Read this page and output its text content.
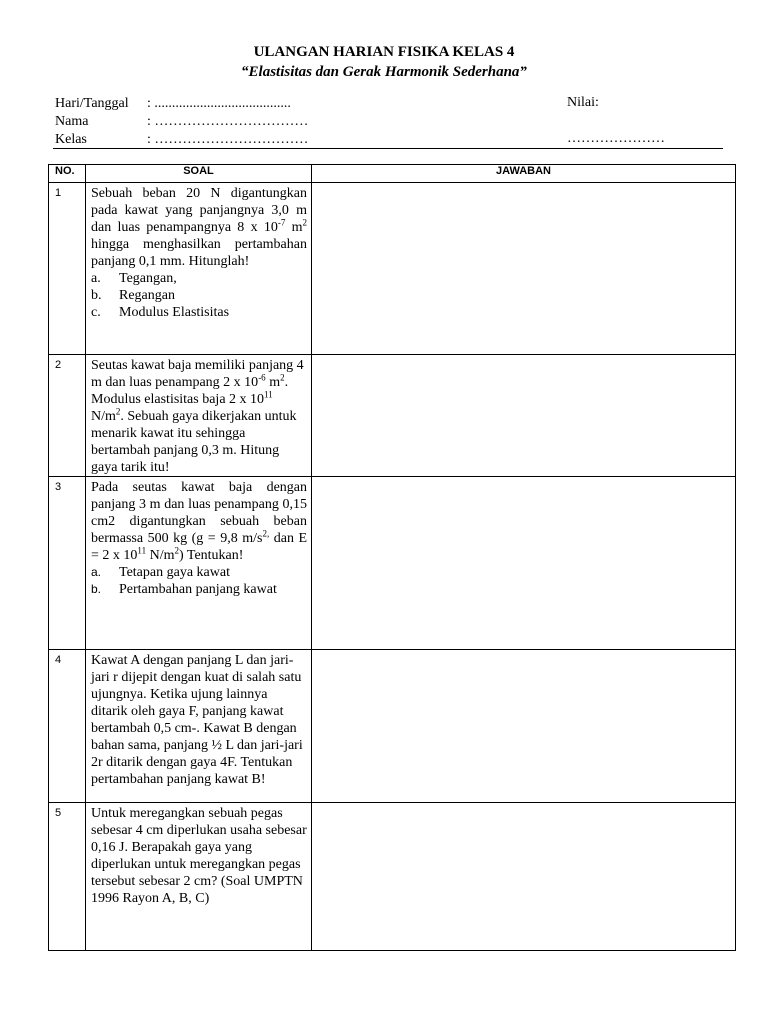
ULANGAN HARIAN FISIKA KELAS 4
“Elastisitas dan Gerak Harmonik Sederhana”
Hari/Tanggal : .......................................
Nama	: ……………………………
Kelas	: ……………………………
Nilai:
…………………
NO.	SOAL	JAWABAN
1	Sebuah beban 20 N digantungkan pada kawat yang panjangnya 3,0 m dan luas penampangnya 8 x $10^{-7}$ $m^2$ hingga menghasilkan pertambahan panjang 0,1 mm. Hitunglah!
a. Tegangan,
b. Regangan
c. Modulus Elastisitas	

2	Seutas kawat baja memiliki panjang 4 m dan luas penampang 2 x $10^{-6}$ $m^2$. Modulus elastisitas baja 2 x $10^{11}$ $N/m^2$. Sebuah gaya dikerjakan untuk menarik kawat itu sehingga bertambah panjang 0,3 m. Hitung gaya tarik itu!	

3	Pada seutas kawat baja dengan panjang 3 m dan luas penampang 0,15 cm2 digantungkan sebuah beban bermassa 500 kg (g = 9,8 $m/s^{2,}$ dan E = 2 x $10^{11}$ $N/m^2$) Tentukan!
a. Tetapan gaya kawat
b. Pertambahan panjang kawat	

4	Kawat A dengan panjang L dan jari-jari r dijepit dengan kuat di salah satu ujungnya. Ketika ujung lainnya ditarik oleh gaya F, panjang kawat bertambah 0,5 cm-. Kawat B dengan bahan sama, panjang ½ L dan jari-jari 2r ditarik dengan gaya 4F. Tentukan pertambahan panjang kawat B!	

5	Untuk meregangkan sebuah pegas sebesar 4 cm diperlukan usaha sebesar 0,16 J. Berapakah gaya yang diperlukan untuk meregangkan pegas tersebut sebesar 2 cm? (Soal UMPTN 1996 Rayon A, B, C)	
